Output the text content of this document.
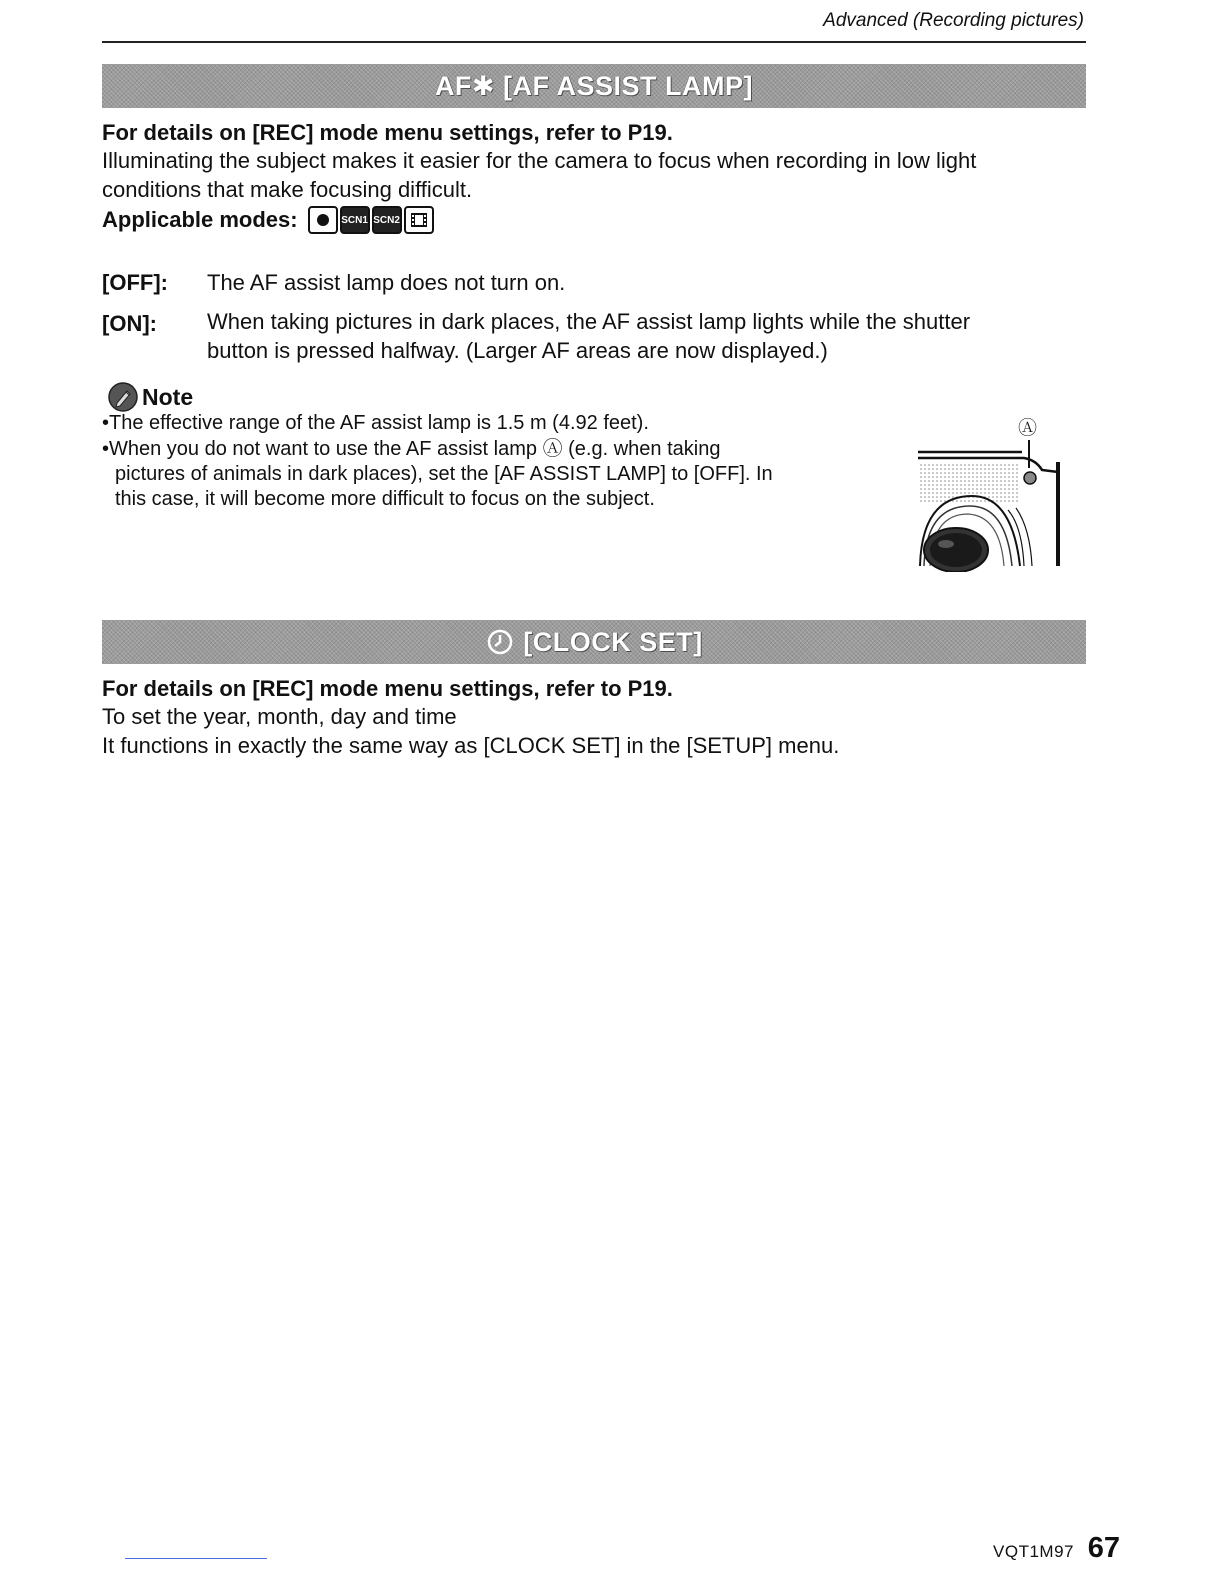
Advanced (Recording pictures)
AF✱ [AF ASSIST LAMP]
For details on [REC] mode menu settings, refer to P19.
Illuminating the subject makes it easier for the camera to focus when recording in low light
conditions that make focusing difficult.
Applicable modes:	SCN1 SCN2
[OFF]: The AF assist lamp does not turn on.
[ON]: When taking pictures in dark places, the AF assist lamp lights while the shutter
button is pressed halfway. (Larger AF areas are now displayed.)
Note
•The effective range of the AF assist lamp is 1.5 m (4.92 feet).
•When you do not want to use the AF assist lamp Ⓐ (e.g. when taking
pictures of animals in dark places), set the [AF ASSIST LAMP] to [OFF]. In
this case, it will become more difficult to focus on the subject.
Ⓐ
[CLOCK SET]
For details on [REC] mode menu settings, refer to P19.
To set the year, month, day and time
It functions in exactly the same way as [CLOCK SET] in the [SETUP] menu.
VQT1M97 67
